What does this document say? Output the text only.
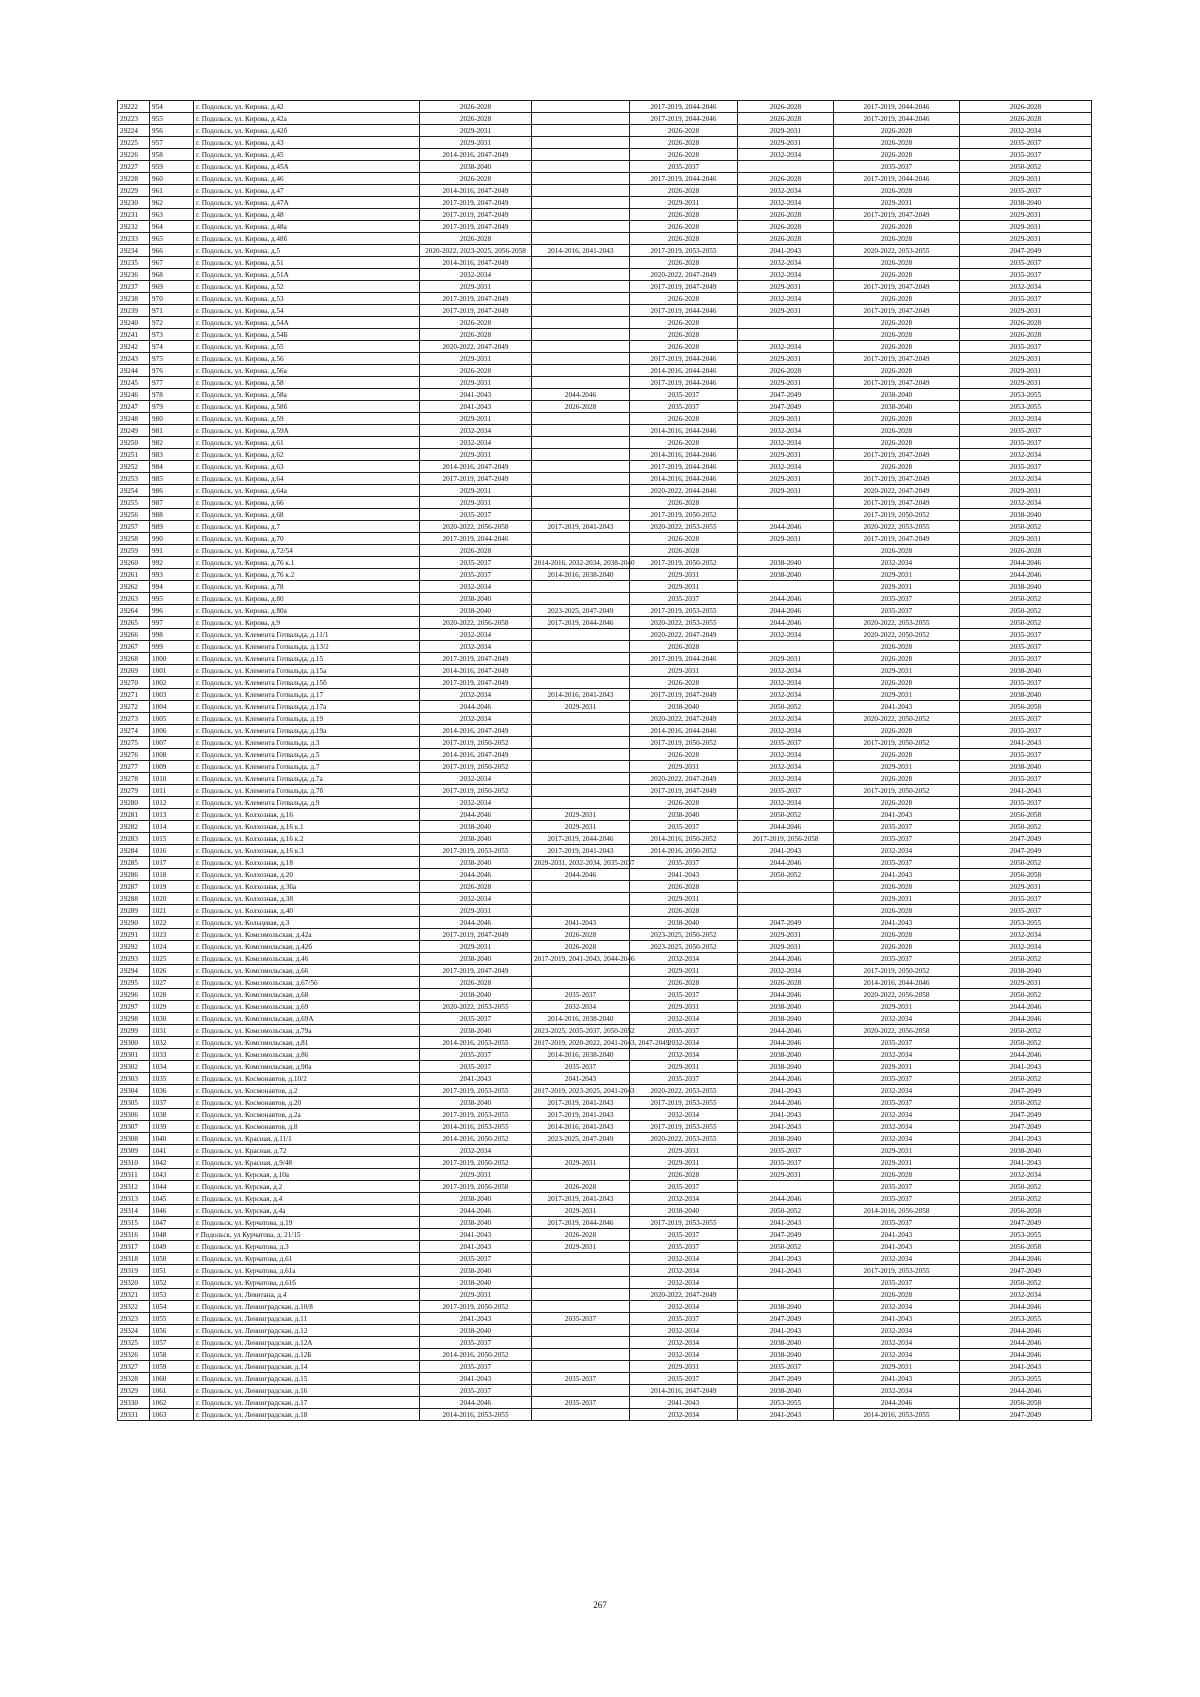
29222	954	г. Подольск, ул. Кирова, д.42	2026-2028		2017-2019, 2044-2046	2026-2028	2017-2019, 2044-2046	2026-2028
29223	955	г. Подольск, ул. Кирова, д.42а	2026-2028		2017-2019, 2044-2046	2026-2028	2017-2019, 2044-2046	2026-2028
29224	956	г. Подольск, ул. Кирова, д.42б	2029-2031		2026-2028	2029-2031	2026-2028	2032-2034
29225	957	г. Подольск, ул. Кирова, д.43	2029-2031		2026-2028	2029-2031	2026-2028	2035-2037
29226	958	г. Подольск, ул. Кирова, д.45	2014-2016, 2047-2049		2026-2028	2032-2034	2026-2028	2035-2037
29227	959	г. Подольск, ул. Кирова, д.45А	2038-2040		2035-2037		2035-2037	2050-2052
29228	960	г. Подольск, ул. Кирова, д.46	2026-2028		2017-2019, 2044-2046	2026-2028	2017-2019, 2044-2046	2029-2031
29229	961	г. Подольск, ул. Кирова, д.47	2014-2016, 2047-2049		2026-2028	2032-2034	2026-2028	2035-2037
29230	962	г. Подольск, ул. Кирова, д.47А	2017-2019, 2047-2049		2029-2031	2032-2034	2029-2031	2038-2040
29231	963	г. Подольск, ул. Кирова, д.48	2017-2019, 2047-2049		2026-2028	2026-2028	2017-2019, 2047-2049	2029-2031
29232	964	г. Подольск, ул. Кирова, д.48а	2017-2019, 2047-2049		2026-2028	2026-2028	2026-2028	2029-2031
29233	965	г. Подольск, ул. Кирова, д.48б	2026-2028		2026-2028	2026-2028	2026-2028	2029-2031
29234	966	г. Подольск, ул. Кирова, д.5	2020-2022, 2023-2025, 2056-2058	2014-2016, 2041-2043	2017-2019, 2053-2055	2041-2043	2020-2022, 2053-2055	2047-2049
29235	967	г. Подольск, ул. Кирова, д.51	2014-2016, 2047-2049		2026-2028	2032-2034	2026-2028	2035-2037
29236	968	г. Подольск, ул. Кирова, д.51А	2032-2034		2020-2022, 2047-2049	2032-2034	2026-2028	2035-2037
29237	969	г. Подольск, ул. Кирова, д.52	2029-2031		2017-2019, 2047-2049	2029-2031	2017-2019, 2047-2049	2032-2034
29238	970	г. Подольск, ул. Кирова, д.53	2017-2019, 2047-2049		2026-2028	2032-2034	2026-2028	2035-2037
29239	971	г. Подольск, ул. Кирова, д.54	2017-2019, 2047-2049		2017-2019, 2044-2046	2029-2031	2017-2019, 2047-2049	2029-2031
29240	972	г. Подольск, ул. Кирова, д.54А	2026-2028		2026-2028		2026-2028	2026-2028
29241	973	г. Подольск, ул. Кирова, д.54Б	2026-2028		2026-2028		2026-2028	2026-2028
29242	974	г. Подольск, ул. Кирова, д.55	2020-2022, 2047-2049		2026-2028	2032-2034	2026-2028	2035-2037
29243	975	г. Подольск, ул. Кирова, д.56	2029-2031		2017-2019, 2044-2046	2029-2031	2017-2019, 2047-2049	2029-2031
29244	976	г. Подольск, ул. Кирова, д.56а	2026-2028		2014-2016, 2044-2046	2026-2028	2026-2028	2029-2031
29245	977	г. Подольск, ул. Кирова, д.58	2029-2031		2017-2019, 2044-2046	2029-2031	2017-2019, 2047-2049	2029-2031
29246	978	г. Подольск, ул. Кирова, д.58а	2041-2043	2044-2046	2035-2037	2047-2049	2038-2040	2053-2055
29247	979	г. Подольск, ул. Кирова, д.58б	2041-2043	2026-2028	2035-2037	2047-2049	2038-2040	2053-2055
29248	980	г. Подольск, ул. Кирова, д.59	2029-2031		2026-2028	2029-2031	2026-2028	2032-2034
29249	981	г. Подольск, ул. Кирова, д.59А	2032-2034		2014-2016, 2044-2046	2032-2034	2026-2028	2035-2037
29250	982	г. Подольск, ул. Кирова, д.61	2032-2034		2026-2028	2032-2034	2026-2028	2035-2037
29251	983	г. Подольск, ул. Кирова, д.62	2029-2031		2014-2016, 2044-2046	2029-2031	2017-2019, 2047-2049	2032-2034
29252	984	г. Подольск, ул. Кирова, д.63	2014-2016, 2047-2049		2017-2019, 2044-2046	2032-2034	2026-2028	2035-2037
29253	985	г. Подольск, ул. Кирова, д.64	2017-2019, 2047-2049		2014-2016, 2044-2046	2029-2031	2017-2019, 2047-2049	2032-2034
29254	986	г. Подольск, ул. Кирова, д.64а	2029-2031		2020-2022, 2044-2046	2029-2031	2020-2022, 2047-2049	2029-2031
29255	987	г. Подольск, ул. Кирова, д.66	2029-2031		2026-2028		2017-2019, 2047-2049	2032-2034
29256	988	г. Подольск, ул. Кирова, д.68	2035-2037		2017-2019, 2050-2052		2017-2019, 2050-2052	2038-2040
29257	989	г. Подольск, ул. Кирова, д.7	2020-2022, 2056-2058	2017-2019, 2041-2043	2020-2022, 2053-2055	2044-2046	2020-2022, 2053-2055	2050-2052
29258	990	г. Подольск, ул. Кирова, д.70	2017-2019, 2044-2046		2026-2028	2029-2031	2017-2019, 2047-2049	2029-2031
29259	991	г. Подольск, ул. Кирова, д.72/54	2026-2028		2026-2028		2026-2028	2026-2028
29260	992	г. Подольск, ул. Кирова, д.76 к.1	2035-2037	2014-2016, 2032-2034, 2038-2040	2017-2019, 2050-2052	2038-2040	2032-2034	2044-2046
29261	993	г. Подольск, ул. Кирова, д.76 к.2	2035-2037	2014-2016, 2038-2040	2029-2031	2038-2040	2029-2031	2044-2046
29262	994	г. Подольск, ул. Кирова, д.78	2032-2034		2029-2031		2029-2031	2038-2040
29263	995	г. Подольск, ул. Кирова, д.80	2038-2040		2035-2037	2044-2046	2035-2037	2050-2052
29264	996	г. Подольск, ул. Кирова, д.80а	2038-2040	2023-2025, 2047-2049	2017-2019, 2053-2055	2044-2046	2035-2037	2050-2052
29265	997	г. Подольск, ул. Кирова, д.9	2020-2022, 2056-2058	2017-2019, 2044-2046	2020-2022, 2053-2055	2044-2046	2020-2022, 2053-2055	2050-2052
29266	998	г. Подольск, ул. Клемента Готвальда, д.11/1	2032-2034		2020-2022, 2047-2049	2032-2034	2020-2022, 2050-2052	2035-2037
29267	999	г. Подольск, ул. Клемента Готвальда, д.13/2	2032-2034		2026-2028		2026-2028	2035-2037
29268	1000	г. Подольск, ул. Клемента Готвальда, д.15	2017-2019, 2047-2049		2017-2019, 2044-2046	2029-2031	2026-2028	2035-2037
29269	1001	г. Подольск, ул. Клемента Готвальда, д.15а	2014-2016, 2047-2049		2029-2031	2032-2034	2029-2031	2038-2040
29270	1002	г. Подольск, ул. Клемента Готвальда, д.15б	2017-2019, 2047-2049		2026-2028	2032-2034	2026-2028	2035-2037
29271	1003	г. Подольск, ул. Клемента Готвальда, д.17	2032-2034	2014-2016, 2041-2043	2017-2019, 2047-2049	2032-2034	2029-2031	2038-2040
29272	1004	г. Подольск, ул. Клемента Готвальда, д.17а	2044-2046	2029-2031	2038-2040	2050-2052	2041-2043	2056-2058
29273	1005	г. Подольск, ул. Клемента Готвальда, д.19	2032-2034		2020-2022, 2047-2049	2032-2034	2020-2022, 2050-2052	2035-2037
29274	1006	г. Подольск, ул. Клемента Готвальда, д.19а	2014-2016, 2047-2049		2014-2016, 2044-2046	2032-2034	2026-2028	2035-2037
29275	1007	г. Подольск, ул. Клемента Готвальда, д.3	2017-2019, 2050-2052		2017-2019, 2050-2052	2035-2037	2017-2019, 2050-2052	2041-2043
29276	1008	г. Подольск, ул. Клемента Готвальда, д.5	2014-2016, 2047-2049		2026-2028	2032-2034	2026-2028	2035-2037
29277	1009	г. Подольск, ул. Клемента Готвальда, д.7	2017-2019, 2050-2052		2029-2031	2032-2034	2029-2031	2038-2040
29278	1010	г. Подольск, ул. Клемента Готвальда, д.7а	2032-2034		2020-2022, 2047-2049	2032-2034	2026-2028	2035-2037
29279	1011	г. Подольск, ул. Клемента Готвальда, д.7б	2017-2019, 2050-2052		2017-2019, 2047-2049	2035-2037	2017-2019, 2050-2052	2041-2043
29280	1012	г. Подольск, ул. Клемента Готвальда, д.9	2032-2034		2026-2028	2032-2034	2026-2028	2035-2037
29281	1013	г. Подольск, ул. Колхозная, д.16	2044-2046	2029-2031	2038-2040	2050-2052	2041-2043	2056-2058
29282	1014	г. Подольск, ул. Колхозная, д.16 к.1	2038-2040	2029-2031	2035-2037	2044-2046	2035-2037	2050-2052
29283	1015	г. Подольск, ул. Колхозная, д.16 к.2	2038-2040	2017-2019, 2044-2046	2014-2016, 2050-2052	2017-2019, 2056-2058	2035-2037	2047-2049
29284	1016	г. Подольск, ул. Колхозная, д.16 к.3	2017-2019, 2053-2055	2017-2019, 2041-2043	2014-2016, 2050-2052	2041-2043	2032-2034	2047-2049
29285	1017	г. Подольск, ул. Колхозная, д.18	2038-2040	2029-2031, 2032-2034, 2035-2037	2035-2037	2044-2046	2035-2037	2050-2052
29286	1018	г. Подольск, ул. Колхозная, д.20	2044-2046	2044-2046	2041-2043	2050-2052	2041-2043	2056-2058
29287	1019	г. Подольск, ул. Колхозная, д.36а	2026-2028		2026-2028		2026-2028	2029-2031
29288	1020	г. Подольск, ул. Колхозная, д.38	2032-2034		2029-2031		2029-2031	2035-2037
29289	1021	г. Подольск, ул. Колхозная, д.40	2029-2031		2026-2028		2026-2028	2035-2037
29290	1022	г. Подольск, ул. Кольцевая, д.3	2044-2046	2041-2043	2038-2040	2047-2049	2041-2043	2053-2055
29291	1023	г. Подольск, ул. Комсомольская, д.42а	2017-2019, 2047-2049	2026-2028	2023-2025, 2050-2052	2029-2031	2026-2028	2032-2034
29292	1024	г. Подольск, ул. Комсомольская, д.42б	2029-2031	2026-2028	2023-2025, 2050-2052	2029-2031	2026-2028	2032-2034
29293	1025	г. Подольск, ул. Комсомольская, д.46	2038-2040	2017-2019, 2041-2043, 2044-2046	2032-2034	2044-2046	2035-2037	2050-2052
29294	1026	г. Подольск, ул. Комсомольская, д.66	2017-2019, 2047-2049		2029-2031	2032-2034	2017-2019, 2050-2052	2038-2040
29295	1027	г. Подольск, ул. Комсомольская, д.67/56	2026-2028		2026-2028	2026-2028	2014-2016, 2044-2046	2029-2031
29296	1028	г. Подольск, ул. Комсомольская, д.68	2038-2040	2035-2037	2035-2037	2044-2046	2020-2022, 2056-2058	2050-2052
29297	1029	г. Подольск, ул. Комсомольская, д.69	2020-2022, 2053-2055	2032-2034	2029-2031	2038-2040	2029-2031	2044-2046
29298	1030	г. Подольск, ул. Комсомольская, д.69А	2035-2037	2014-2016, 2038-2040	2032-2034	2038-2040	2032-2034	2044-2046
29299	1031	г. Подольск, ул. Комсомольская, д.79а	2038-2040	2023-2025, 2035-2037, 2050-2052	2035-2037	2044-2046	2020-2022, 2056-2058	2050-2052
29300	1032	г. Подольск, ул. Комсомольская, д.81	2014-2016, 2053-2055	2017-2019, 2020-2022, 2041-2043, 2047-2049	2032-2034	2044-2046	2035-2037	2050-2052
29301	1033	г. Подольск, ул. Комсомольская, д.86	2035-2037	2014-2016, 2038-2040	2032-2034	2038-2040	2032-2034	2044-2046
29302	1034	г. Подольск, ул. Комсомольская, д.90а	2035-2037	2035-2037	2029-2031	2038-2040	2029-2031	2041-2043
29303	1035	г. Подольск, ул. Космонавтов, д.10/2	2041-2043	2041-2043	2035-2037	2044-2046	2035-2037	2050-2052
29304	1036	г. Подольск, ул. Космонавтов, д.2	2017-2019, 2053-2055	2017-2019, 2023-2025, 2041-2043	2020-2022, 2053-2055	2041-2043	2032-2034	2047-2049
29305	1037	г. Подольск, ул. Космонавтов, д.20	2038-2040	2017-2019, 2041-2043	2017-2019, 2053-2055	2044-2046	2035-2037	2050-2052
29306	1038	г. Подольск, ул. Космонавтов, д.2а	2017-2019, 2053-2055	2017-2019, 2041-2043	2032-2034	2041-2043	2032-2034	2047-2049
29307	1039	г. Подольск, ул. Космонавтов, д.8	2014-2016, 2053-2055	2014-2016, 2041-2043	2017-2019, 2053-2055	2041-2043	2032-2034	2047-2049
29308	1040	г. Подольск, ул. Красная, д.11/1	2014-2016, 2050-2052	2023-2025, 2047-2049	2020-2022, 2053-2055	2038-2040	2032-2034	2041-2043
29309	1041	г. Подольск, ул. Красная, д.72	2032-2034		2029-2031	2035-2037	2029-2031	2038-2040
29310	1042	г. Подольск, ул. Красная, д.9/48	2017-2019, 2050-2052	2029-2031	2029-2031	2035-2037	2029-2031	2041-2043
29311	1043	г. Подольск, ул. Курская, д.10а	2029-2031		2026-2028	2029-2031	2026-2028	2032-2034
29312	1044	г. Подольск, ул. Курская, д.2	2017-2019, 2056-2058	2026-2028	2035-2037		2035-2037	2050-2052
29313	1045	г. Подольск, ул. Курская, д.4	2038-2040	2017-2019, 2041-2043	2032-2034	2044-2046	2035-2037	2050-2052
29314	1046	г. Подольск, ул. Курская, д.4а	2044-2046	2029-2031	2038-2040	2050-2052	2014-2016, 2056-2058	2056-2058
29315	1047	г. Подольск, ул. Курчатова, д.19	2038-2040	2017-2019, 2044-2046	2017-2019, 2053-2055	2041-2043	2035-2037	2047-2049
29316	1048	г Подольск, ул Курчатова, д. 21/15	2041-2043	2026-2028	2035-2037	2047-2049	2041-2043	2053-2055
29317	1049	г. Подольск, ул. Курчатова, д.3	2041-2043	2029-2031	2035-2037	2050-2052	2041-2043	2056-2058
29318	1050	г. Подольск, ул. Курчатова, д.61	2035-2037		2032-2034	2041-2043	2032-2034	2044-2046
29319	1051	г. Подольск, ул. Курчатова, д.61а	2038-2040		2032-2034	2041-2043	2017-2019, 2053-2055	2047-2049
29320	1052	г. Подольск, ул. Курчатова, д.61б	2038-2040		2032-2034		2035-2037	2050-2052
29321	1053	г. Подольск, ул. Левитана, д.4	2029-2031		2020-2022, 2047-2049		2026-2028	2032-2034
29322	1054	г. Подольск, ул. Ленинградская, д.10/8	2017-2019, 2050-2052		2032-2034	2038-2040	2032-2034	2044-2046
29323	1055	г. Подольск, ул. Ленинградская, д.11	2041-2043	2035-2037	2035-2037	2047-2049	2041-2043	2053-2055
29324	1056	г. Подольск, ул. Ленинградская, д.12	2038-2040		2032-2034	2041-2043	2032-2034	2044-2046
29325	1057	г. Подольск, ул. Ленинградская, д.12А	2035-2037		2032-2034	2038-2040	2032-2034	2044-2046
29326	1058	г. Подольск, ул. Ленинградская, д.12Б	2014-2016, 2050-2052		2032-2034	2038-2040	2032-2034	2044-2046
29327	1059	г. Подольск, ул. Ленинградская, д.14	2035-2037		2029-2031	2035-2037	2029-2031	2041-2043
29328	1060	г. Подольск, ул. Ленинградская, д.15	2041-2043	2035-2037	2035-2037	2047-2049	2041-2043	2053-2055
29329	1061	г. Подольск, ул. Ленинградская, д.16	2035-2037		2014-2016, 2047-2049	2038-2040	2032-2034	2044-2046
29330	1062	г. Подольск, ул. Ленинградская, д.17	2044-2046	2035-2037	2041-2043	2053-2055	2044-2046	2056-2058
29331	1063	г. Подольск, ул. Ленинградская, д.18	2014-2016, 2053-2055		2032-2034	2041-2043	2014-2016, 2053-2055	2047-2049
267
